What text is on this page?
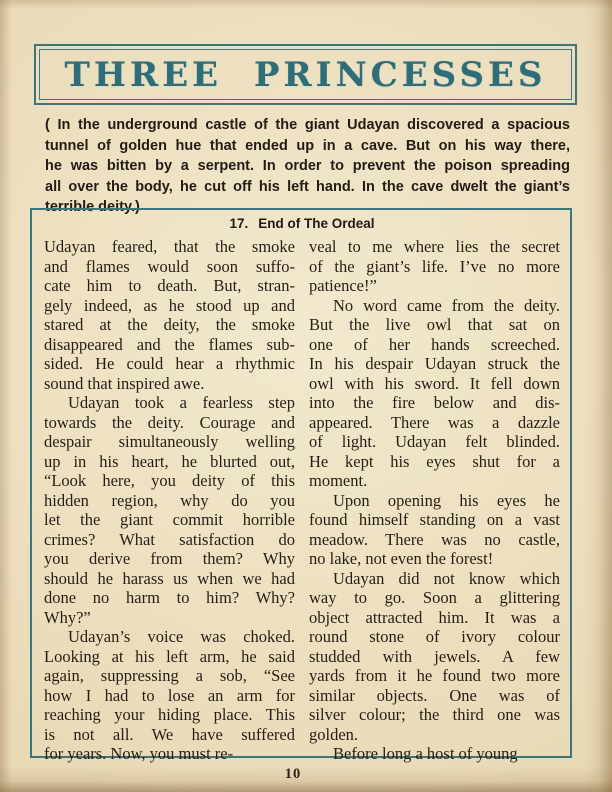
THREE PRINCESSES
( In the underground castle of the giant Udayan discovered a spacious
tunnel of golden hue that ended up in a cave. But on his way there,
he was bitten by a serpent. In order to prevent the poison spreading
all over the body, he cut off his left hand. In the cave dwelt the giant’s
terrible deity.)
17. End of The Ordeal
Udayan feared, that the smoke
and flames would soon suffo-
cate him to death. But, stran-
gely indeed, as he stood up and
stared at the deity, the smoke
disappeared and the flames sub-
sided. He could hear a rhythmic
sound that inspired awe.
Udayan took a fearless step
towards the deity. Courage and
despair simultaneously welling
up in his heart, he blurted out,
“Look here, you deity of this
hidden region, why do you
let the giant commit horrible
crimes? What satisfaction do
you derive from them? Why
should he harass us when we had
done no harm to him? Why?
Why?”
Udayan’s voice was choked.
Looking at his left arm, he said
again, suppressing a sob, “See
how I had to lose an arm for
reaching your hiding place. This
is not all. We have suffered
for years. Now, you must re-
veal to me where lies the secret
of the giant’s life. I’ve no more
patience!”
No word came from the deity.
But the live owl that sat on
one of her hands screeched.
In his despair Udayan struck the
owl with his sword. It fell down
into the fire below and dis-
appeared. There was a dazzle
of light. Udayan felt blinded.
He kept his eyes shut for a
moment.
Upon opening his eyes he
found himself standing on a vast
meadow. There was no castle,
no lake, not even the forest!
Udayan did not know which
way to go. Soon a glittering
object attracted him. It was a
round stone of ivory colour
studded with jewels. A few
yards from it he found two more
similar objects. One was of
silver colour; the third one was
golden.
Before long a host of young
10
